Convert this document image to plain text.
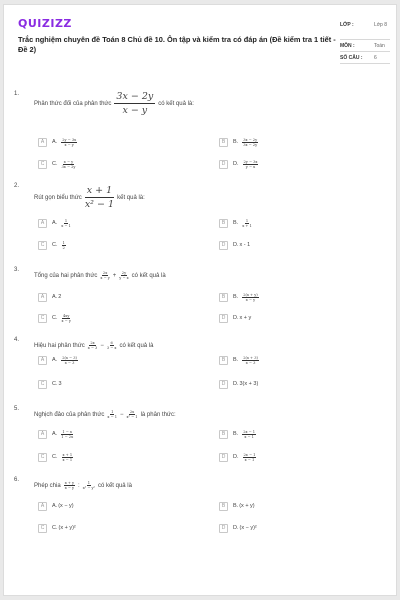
QUIZIZZ
Trắc nghiệm chuyên đề Toán 8 Chủ đề 10. Ôn tập và kiểm tra có đáp án (Đề kiểm tra 1 tiết - Đề 2)
LỚP :	Lớp 8
MÔN :	Toán
SỐ CÂU : 6
1.
Phân thức đối của phân thức $\frac{3x - 2y}{x - y}$ có kết quả là:
A	A. $\frac{2y - 3x}{x - y}$	B	B. $\frac{3x - 2y}{3x - 2y}$
C	C. $\frac{x - y}{3x - 2y}$	D	D. $\frac{2y - 3x}{y - x}$
2.
Rút gọn biểu thức $\frac{x + 1}{\text{x² − 1}}$ kết quả là:
A	A. $\frac{1}{x - 1}$	B	B. $\frac{1}{x + 1}$
C	C. $\frac{1}{2}$	D	D. x - 1
3.
Tổng của hai phân thức $\frac{2x}{x - y} + \frac{2y}{y - x}$ có kết quả là
A	A. 2	B	B. $\frac{2(x + y)}{x - y}$
C	C. $\frac{4xy}{x - y}$	D	D. x + y
4.
Hiệu hai phân thức $\frac{2x}{x - 3} - \frac{6}{3 - x}$ có kết quả là
A	A. $\frac{2(x - 3)}{x - 3}$	B	B. $\frac{2(x + 3)}{x - 3}$
C	C. 3	D	D. 3(x + 3)
5.
Nghịch đảo của phân thức $\frac{1}{x - 1} - \frac{2x}{\text{x² − 1}}$ là phân thức:
A	A. $\frac{1 - x}{1 - 2x}$	B	B. $\frac{2x - 1}{x - 1}$
C	C. $\frac{x + 1}{x - 1}$	D	D. $\frac{2x - 1}{x - 1}$
6.
Phép chia $\frac{x + y}{x - y}$ : $\frac{1}{\text{x² − y²}}$ có kết quả là
A	A. (x − y)	B	B. (x + y)
C	C. (x + y)²	D	D. (x − y)²
